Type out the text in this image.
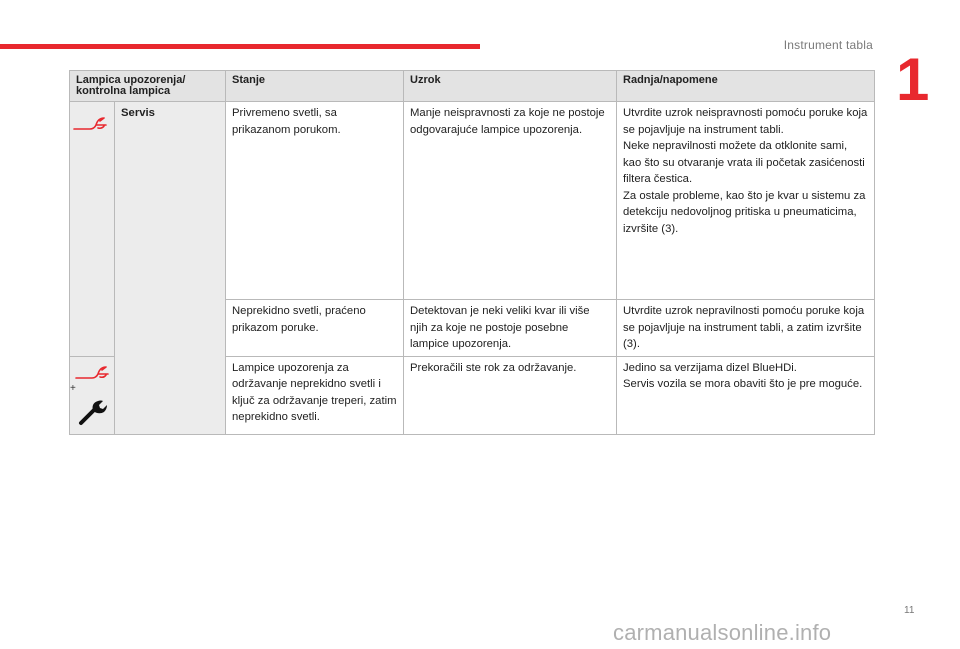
Instrument tabla
1
Lampica upozorenja/
kontrolna lampica		Stanje	Uzrok	Radnja/napomene
	Servis	Privremeno svetli, sa prikazanom porukom.	Manje neispravnosti za koje ne postoje odgovarajuće lampice upozorenja.	Utvrdite uzrok neispravnosti pomoću poruke koja se pojavljuje na instrument tabli.
Neke nepravilnosti možete da otklonite sami, kao što su otvaranje vrata ili početak zasićenosti filtera čestica.
Za ostale probleme, kao što je kvar u sistemu za detekciju nedovoljnog pritiska u pneumaticima, izvršite (3).
		Neprekidno svetli, praćeno prikazom poruke.	Detektovan je neki veliki kvar ili više njih za koje ne postoje posebne lampice upozorenja.	Utvrdite uzrok nepravilnosti pomoću poruke koja se pojavljuje na instrument tabli, a zatim izvršite (3).

+		Lampice upozorenja za održavanje neprekidno svetli i ključ za održavanje treperi, zatim neprekidno svetli.	Prekoračili ste rok za održavanje.	Jedino sa verzijama dizel BlueHDi.
Servis vozila se mora obaviti što je pre moguće.
11
carmanualsonline.info
